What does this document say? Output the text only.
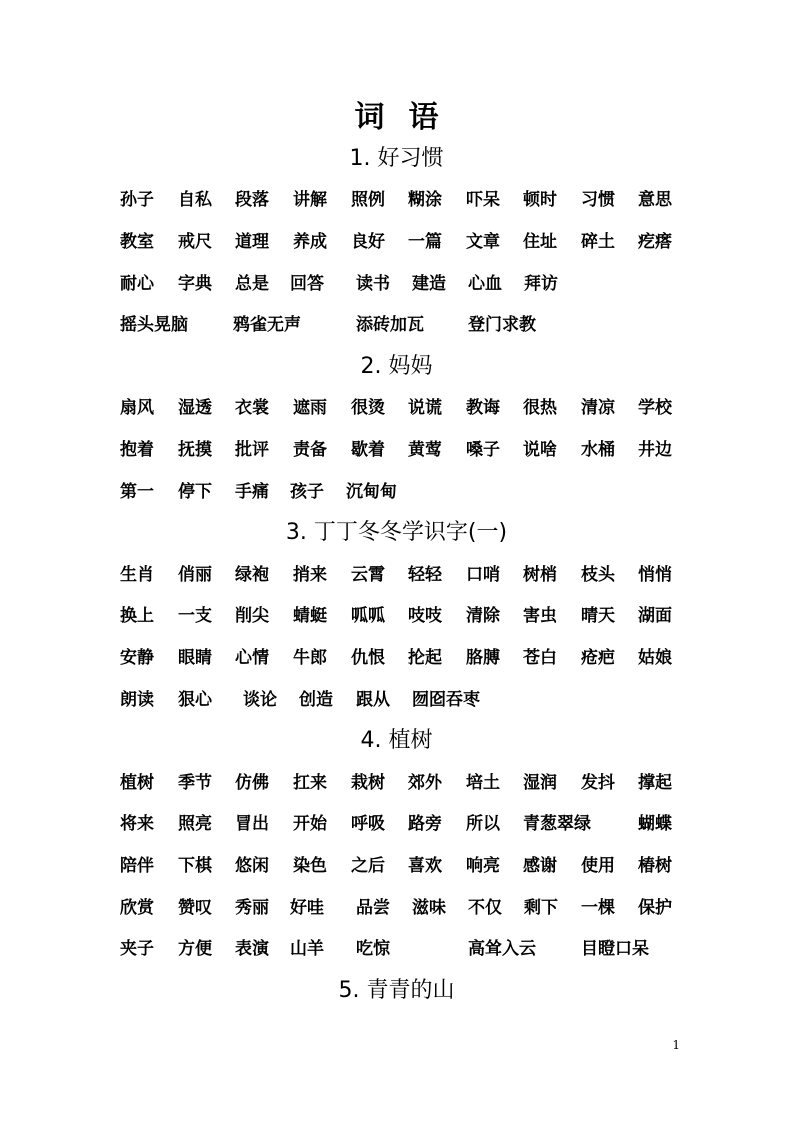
词语
1. 好习惯
孙子 自私 段落 讲解 照例 糊涂 吓呆 顿时 习惯 意思
教室 戒尺 道理 养成 良好 一篇 文章 住址 碎土 疙瘩
耐心 字典 总是 回答 读书 建造 心血 拜访
摇头晃脑	鸦雀无声	添砖加瓦	登门求教
2. 妈妈
扇风 湿透 衣裳 遮雨 很烫 说谎 教诲 很热 清凉 学校
抱着 抚摸 批评 责备 歇着 黄莺 嗓子 说啥 水桶 井边
第一 停下 手痛 孩子 沉甸甸
3. 丁丁冬冬学识字(一)
生肖 俏丽 绿袍 捎来 云霄 轻轻 口哨 树梢 枝头 悄悄
换上 一支 削尖 蜻蜓 呱呱 吱吱 清除 害虫 晴天 湖面
安静 眼睛 心情 牛郎 仇恨 抡起 胳膊 苍白 疮疤 姑娘
朗读 狠心 谈论 创造 跟从 囫囵吞枣
4. 植树
植树 季节 仿佛 扛来 栽树 郊外 培土 湿润 发抖 撑起
将来 照亮 冒出 开始 呼吸 路旁 所以 青葱翠绿	蝴蝶
陪伴 下棋 悠闲 染色 之后 喜欢 响亮 感谢 使用 椿树
欣赏 赞叹 秀丽 好哇 品尝 滋味 不仅 剩下 一棵 保护
夹子 方便 表演 山羊 吃惊	高耸入云	目瞪口呆
5. 青青的山
1
